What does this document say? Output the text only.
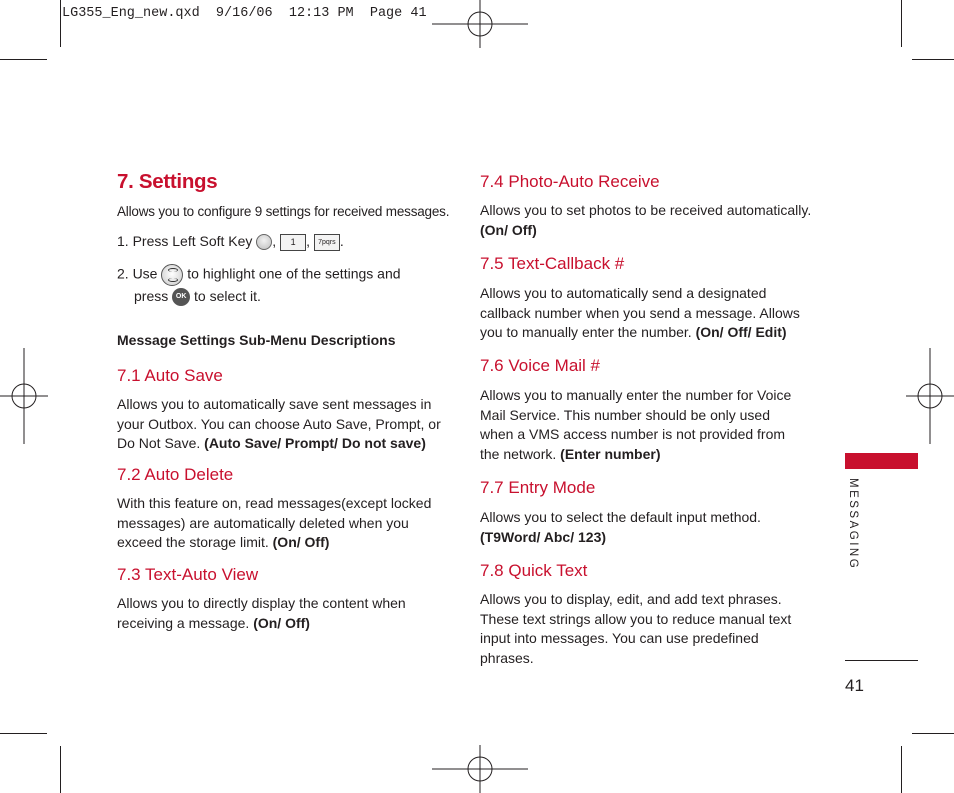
LG355_Eng_new.qxd  9/16/06  12:13 PM  Page 41
7. Settings
Allows you to configure 9 settings for received messages.
1. Press Left Soft Key , 1 , 7pqrs .
2. Use to highlight one of the settings and
press OK to select it.
Message Settings Sub-Menu Descriptions
7.1 Auto Save
Allows you to automatically save sent messages in your Outbox. You can choose Auto Save, Prompt, or Do Not Save. (Auto Save/ Prompt/ Do not save)
7.2 Auto Delete
With this feature on, read messages(except locked messages) are automatically deleted when you exceed the storage limit. (On/ Off)
7.3 Text-Auto View
Allows you to directly display the content when receiving a message. (On/ Off)
7.4 Photo-Auto Receive
Allows you to set photos to be received automatically. (On/ Off)
7.5 Text-Callback #
Allows you to automatically send a designated callback number when you send a message. Allows you to manually enter the number. (On/ Off/ Edit)
7.6 Voice Mail #
Allows you to manually enter the number for Voice Mail Service. This number should be only used when a VMS access number is not provided from the network. (Enter number)
7.7 Entry Mode
Allows you to select the default input method. (T9Word/ Abc/ 123)
7.8 Quick Text
Allows you to display, edit, and add text phrases. These text strings allow you to reduce manual text input into messages. You can use predefined phrases.
MESSAGING
41
